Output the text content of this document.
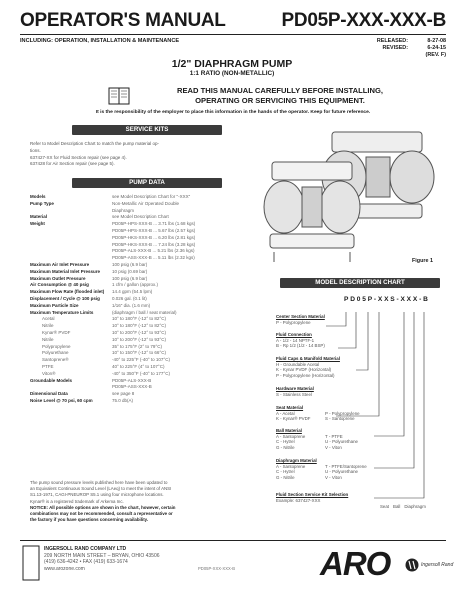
OPERATOR'S MANUAL	PD05P-XXX-XXX-B
INCLUDING: OPERATION, INSTALLATION & MAINTENANCE	RELEASED:	8-27-08
REVISED:	6-24-15
(REV. F)
1/2" DIAPHRAGM PUMP
1:1 RATIO (NON-METALLIC)
READ THIS MANUAL CAREFULLY BEFORE INSTALLING,
OPERATING OR SERVICING THIS EQUIPMENT.
It is the responsibility of the employer to place this information in the hands of the operator. Keep for future reference.
SERVICE KITS
Refer to Model Description Chart to match the pump material op-
tions.
637427-XX for Fluid Section repair (see page 4).
637428 for Air Section repair (see page 5).
PUMP DATA
Models	see Model Description Chart for "-XXX"
Pump Type	Non-Metallic Air Operated Double
Diaphragm
Material	see Model Description Chart
Weight	PD05P-HPS-XXX-B ... 3.71 lbs (1.68 kgs)
PD05P-HPS-XXX-B ... 5.67 lbs (2.57 kgs)
PD05P-HKS-XXX-B ... 6.20 lbs (2.81 kgs)
PD05P-HKS-XXX-B ... 7.24 lbs (3.28 kgs)
PD05P-ALS-XXX-B ... 5.21 lbs (2.36 kgs)
PD05P-ASS-XXX-B ... 5.11 lbs (2.32 kgs)
Maximum Air Inlet Pressure	100 psig (6.9 bar)
Maximum Material Inlet Pressure	10 psig (0.69 bar)
Maximum Outlet Pressure	100 psig (6.9 bar)
Air Consumption @ 40 psig	1 cfm / gallon (approx.)
Maximum Flow Rate (flooded inlet)	14.4 gpm (54.5 lpm)
Displacement / Cycle @ 100 psig	0.026 gal. (0.1 lit)
Maximum Particle Size	1/16" dia. (1.6 mm)
Maximum Temperature Limits	(diaphragm / ball / seat material)
Acetal	10° to 180°F (-12° to 82°C)
Nitrile	10° to 180°F (-12° to 82°C)
Kynar® PVDF	10° to 200°F (-12° to 93°C)
Nitrile	10° to 200°F (-12° to 93°C)
Polypropylene	35° to 175°F (2° to 79°C)
Polyurethane	10° to 150°F (-12° to 66°C)
Santoprene®	-40° to 225°F (-40° to 107°C)
PTFE	40° to 225°F (4° to 107°C)
Viton®	-40° to 350°F (-40° to 177°C)
Groundable Models	PD05P-ALS-XXX-B
PD05P-ASS-XXX-B
Dimensional Data	see page 8
Noise Level @ 70 psi, 60 cpm	75.0 db(A)
The pump sound pressure levels published here have been updated to
an Equivalent Continuous Sound Level (LAeq) to meet the intent of ANSI
S1.13-1971, CAGI-PNEUROP S5.1 using four microphone locations.
Kynar® is a registered trademark of Arkema Inc.
NOTICE: All possible options are shown in the chart, however, certain
combinations may not be recommended, consult a representative or
the factory if you have questions concerning availability.
Figure 1
MODEL DESCRIPTION CHART
PD05P-XXS-XXX-B
Center Section Material
P - Polypropylene
Fluid Connection
A - 1/2 - 14 NPTF-1
B - Rp 1/2 (1/2 - 14 BSP)
Fluid Caps & Manifold Material
H - Groundable Acetal
K - Kynar PVDF (Horizontal)
P - Polypropylene (Horizontal)
Hardware Material
S - Stainless Steel
Seat Material
A - Acetal
K - Kynar® PVDF
P - Polypropylene
S - Santoprene
Ball Material
A - Santoprene
C - Hytrel
G - Nitrile
T - PTFE
U - Polyurethane
V - Viton
Diaphragm Material
A - Santoprene
C - Hytrel
G - Nitrile
T - PTFE/Santoprene
U - Polyurethane
V - Viton
Fluid Section Service Kit Selection
Example: 637427-XXX
Seat Ball Diaphragm
INGERSOLL RAND COMPANY LTD
209 NORTH MAIN STREET – BRYAN, OHIO 43506
(419) 636-4242 • FAX (419) 633-1674
www.arozone.com	PD05P-XXX-XXX-B	ARO	Ingersoll Rand
